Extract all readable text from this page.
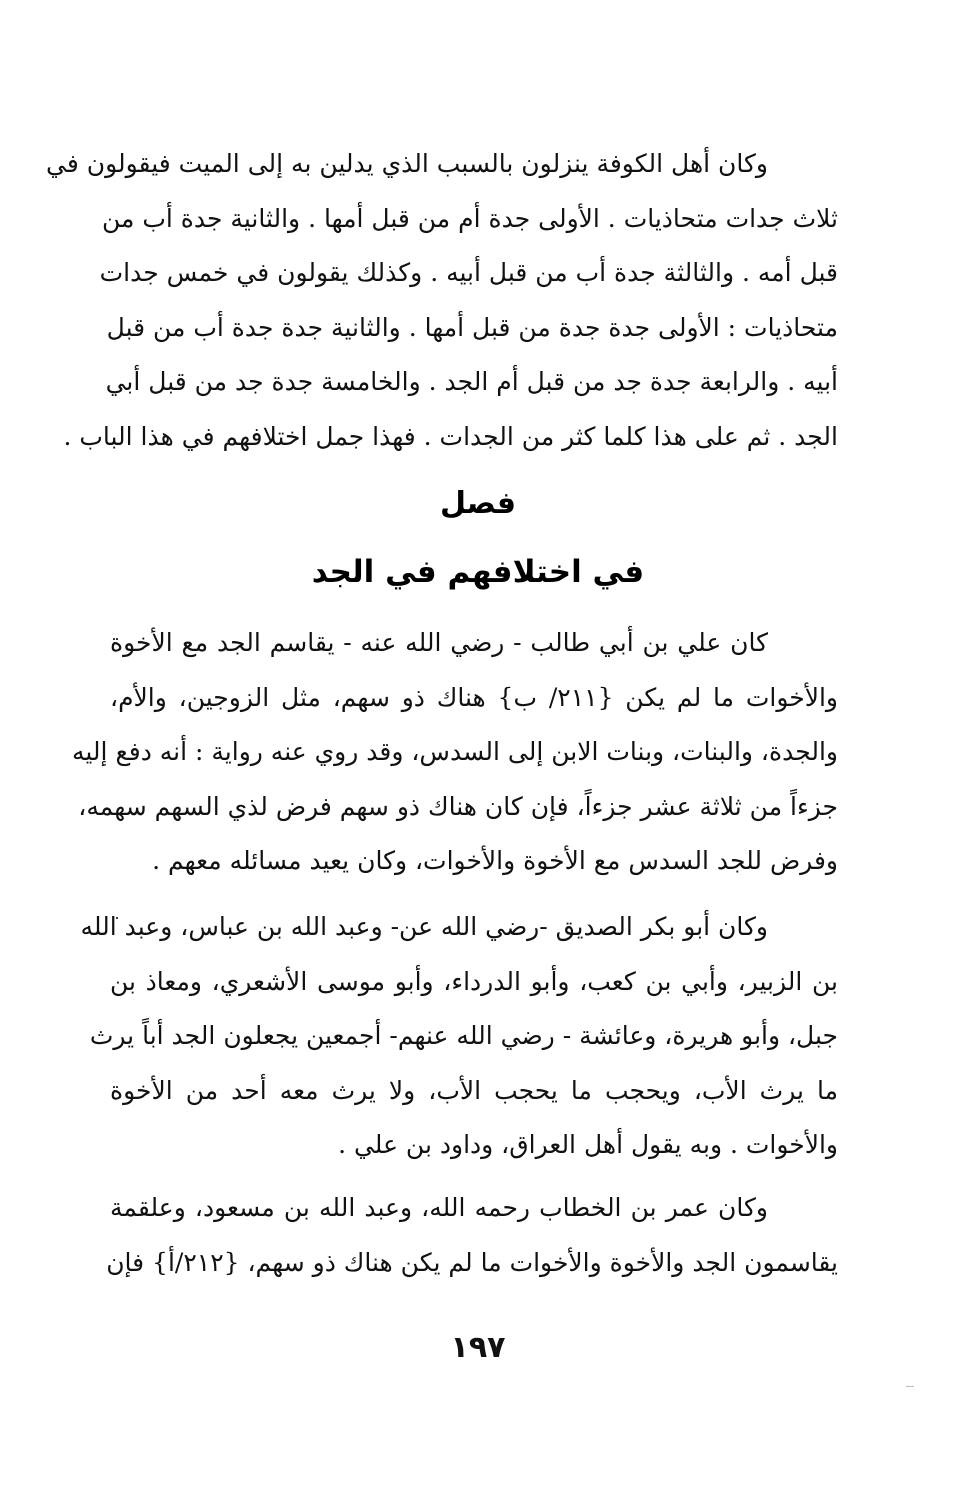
وكان أهل الكوفة ينزلون بالسبب الذي يدلين به إلى الميت فيقولون في
ثلاث جدات متحاذيات . الأولى جدة أم من قبل أمها . والثانية جدة أب من
قبل أمه . والثالثة جدة أب من قبل أبيه . وكذلك يقولون في خمس جدات
متحاذيات : الأولى جدة جدة من قبل أمها . والثانية جدة جدة أب من قبل
أبيه . والرابعة جدة جد من قبل أم الجد . والخامسة جدة جد من قبل أبي
الجد . ثم على هذا كلما كثر من الجدات . فهذا جمل اختلافهم في هذا الباب .
فصل
في اختلافهم في الجد
كان علي بن أبي طالب - رضي الله عنه - يقاسم الجد مع الأخوة
والأخوات ما لم يكن {٢١١/ ب} هناك ذو سهم، مثل الزوجين، والأم،
والجدة، والبنات، وبنات الابن إلى السدس، وقد روي عنه رواية : أنه دفع إليه
جزءاً من ثلاثة عشر جزءاً، فإن كان هناك ذو سهم فرض لذي السهم سهمه،
وفرض للجد السدس مع الأخوة والأخوات، وكان يعيد مسائله معهم .
وكان أبو بكر الصديق -رضي الله عن- وعبد الله بن عباس، وعبد الله
بن الزبير، وأبي بن كعب، وأبو الدرداء، وأبو موسى الأشعري، ومعاذ بن
جبل، وأبو هريرة، وعائشة - رضي الله عنهم- أجمعين يجعلون الجد أباً يرث
ما يرث الأب، ويحجب ما يحجب الأب، ولا يرث معه أحد من الأخوة
والأخوات . وبه يقول أهل العراق، وداود بن علي .
وكان عمر بن الخطاب رحمه الله، وعبد الله بن مسعود، وعلقمة
يقاسمون الجد والأخوة والأخوات ما لم يكن هناك ذو سهم، {٢١٢/أ} فإن
١٩٧
